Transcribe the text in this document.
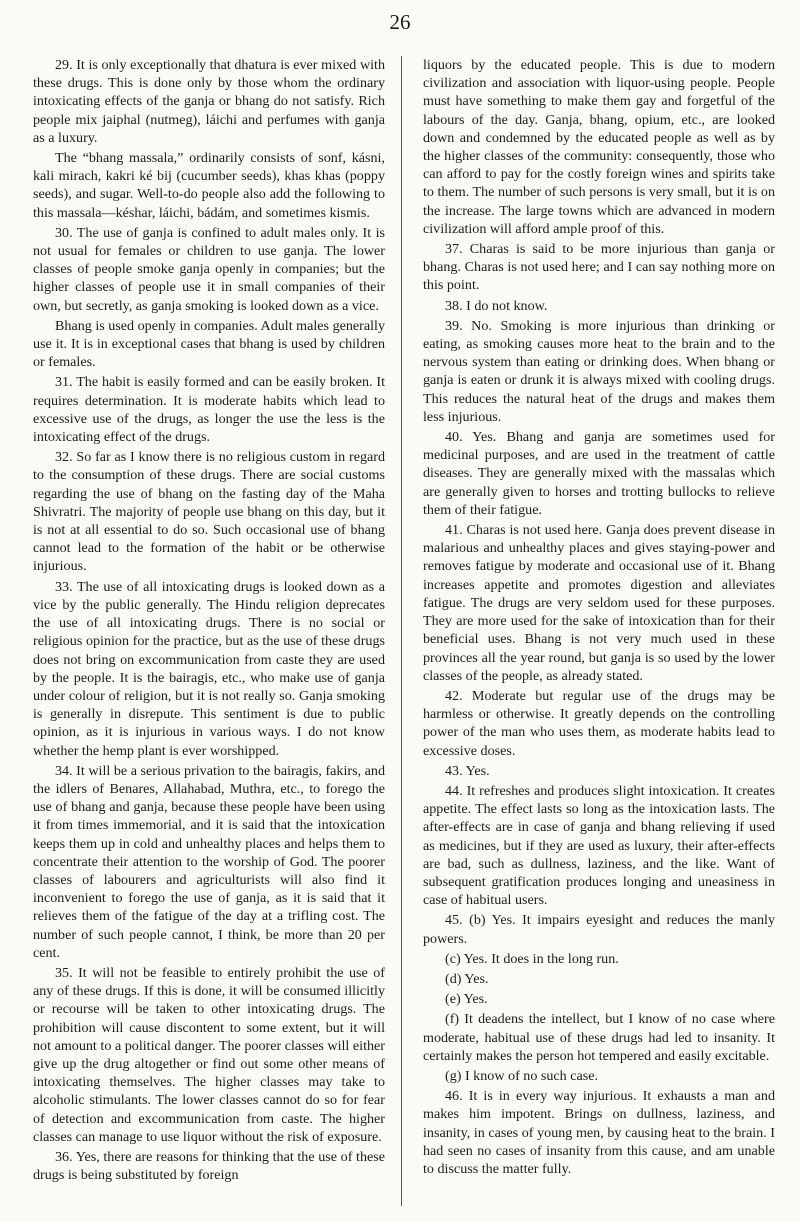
26

29. It is only exceptionally that dhatura is ever mixed with these drugs. This is done only by those whom the ordinary intoxicating effects of the ganja or bhang do not satisfy. Rich people mix jaiphal (nutmeg), láichi and perfumes with ganja as a luxury.

The “bhang massala,” ordinarily consists of sonf, kásni, kali mirach, kakri ké bij (cucumber seeds), khas khas (poppy seeds), and sugar. Well-to-do people also add the following to this massala—késhar, láichi, bádám, and sometimes kismis.

30. The use of ganja is confined to adult males only. It is not usual for females or children to use ganja. The lower classes of people smoke ganja openly in companies; but the higher classes of people use it in small companies of their own, but secretly, as ganja smoking is looked down as a vice.

Bhang is used openly in companies. Adult males generally use it. It is in exceptional cases that bhang is used by children or females.

31. The habit is easily formed and can be easily broken. It requires determination. It is moderate habits which lead to excessive use of the drugs, as longer the use the less is the intoxicating effect of the drugs.

32. So far as I know there is no religious custom in regard to the consumption of these drugs. There are social customs regarding the use of bhang on the fasting day of the Maha Shivratri. The majority of people use bhang on this day, but it is not at all essential to do so. Such occasional use of bhang cannot lead to the formation of the habit or be otherwise injurious.

33. The use of all intoxicating drugs is looked down as a vice by the public generally. The Hindu religion deprecates the use of all intoxicating drugs. There is no social or religious opinion for the practice, but as the use of these drugs does not bring on excommunication from caste they are used by the people. It is the bairagis, etc., who make use of ganja under colour of religion, but it is not really so. Ganja smoking is generally in disrepute. This sentiment is due to public opinion, as it is injurious in various ways. I do not know whether the hemp plant is ever worshipped.

34. It will be a serious privation to the bairagis, fakirs, and the idlers of Benares, Allahabad, Muthra, etc., to forego the use of bhang and ganja, because these people have been using it from times immemorial, and it is said that the intoxication keeps them up in cold and unhealthy places and helps them to concentrate their attention to the worship of God. The poorer classes of labourers and agriculturists will also find it inconvenient to forego the use of ganja, as it is said that it relieves them of the fatigue of the day at a trifling cost. The number of such people cannot, I think, be more than 20 per cent.

35. It will not be feasible to entirely prohibit the use of any of these drugs. If this is done, it will be consumed illicitly or recourse will be taken to other intoxicating drugs. The prohibition will cause discontent to some extent, but it will not amount to a political danger. The poorer classes will either give up the drug altogether or find out some other means of intoxicating themselves. The higher classes may take to alcoholic stimulants. The lower classes cannot do so for fear of detection and excommunication from caste. The higher classes can manage to use liquor without the risk of exposure.

36. Yes, there are reasons for thinking that the use of these drugs is being substituted by foreign

liquors by the educated people. This is due to modern civilization and association with liquor-using people. People must have something to make them gay and forgetful of the labours of the day. Ganja, bhang, opium, etc., are looked down and condemned by the educated people as well as by the higher classes of the community: consequently, those who can afford to pay for the costly foreign wines and spirits take to them. The number of such persons is very small, but it is on the increase. The large towns which are advanced in modern civilization will afford ample proof of this.

37. Charas is said to be more injurious than ganja or bhang. Charas is not used here; and I can say nothing more on this point.

38. I do not know.

39. No. Smoking is more injurious than drinking or eating, as smoking causes more heat to the brain and to the nervous system than eating or drinking does. When bhang or ganja is eaten or drunk it is always mixed with cooling drugs. This reduces the natural heat of the drugs and makes them less injurious.

40. Yes. Bhang and ganja are sometimes used for medicinal purposes, and are used in the treatment of cattle diseases. They are generally mixed with the massalas which are generally given to horses and trotting bullocks to relieve them of their fatigue.

41. Charas is not used here. Ganja does prevent disease in malarious and unhealthy places and gives staying-power and removes fatigue by moderate and occasional use of it. Bhang increases appetite and promotes digestion and alleviates fatigue. The drugs are very seldom used for these purposes. They are more used for the sake of intoxication than for their beneficial uses. Bhang is not very much used in these provinces all the year round, but ganja is so used by the lower classes of the people, as already stated.

42. Moderate but regular use of the drugs may be harmless or otherwise. It greatly depends on the controlling power of the man who uses them, as moderate habits lead to excessive doses.

43. Yes.

44. It refreshes and produces slight intoxication. It creates appetite. The effect lasts so long as the intoxication lasts. The after-effects are in case of ganja and bhang relieving if used as medicines, but if they are used as luxury, their after-effects are bad, such as dullness, laziness, and the like. Want of subsequent gratification produces longing and uneasiness in case of habitual users.

45. (b) Yes. It impairs eyesight and reduces the manly powers.

(c) Yes. It does in the long run.

(d) Yes.

(e) Yes.

(f) It deadens the intellect, but I know of no case where moderate, habitual use of these drugs had led to insanity. It certainly makes the person hot tempered and easily excitable.

(g) I know of no such case.

46. It is in every way injurious. It exhausts a man and makes him impotent. Brings on dullness, laziness, and insanity, in cases of young men, by causing heat to the brain. I had seen no cases of insanity from this cause, and am unable to discuss the matter fully.
